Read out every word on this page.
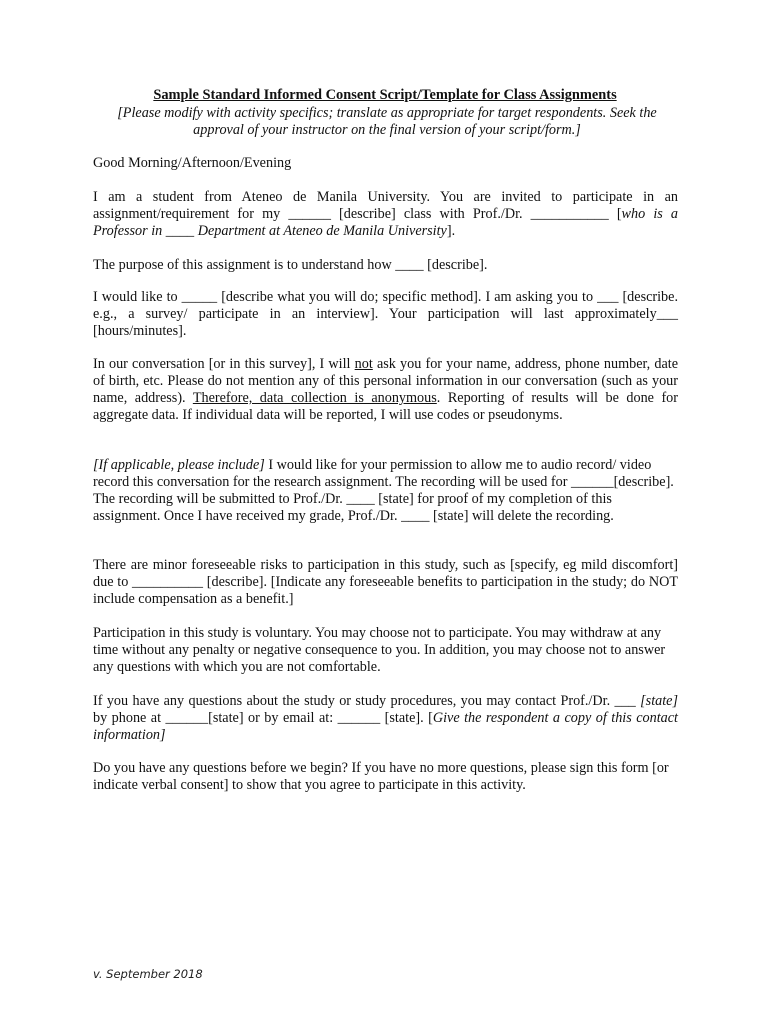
Sample Standard Informed Consent Script/Template for Class Assignments
[Please modify with activity specifics; translate as appropriate for target respondents. Seek the approval of your instructor on the final version of your script/form.]
Good Morning/Afternoon/Evening
I am a student from Ateneo de Manila University. You are invited to participate in an assignment/requirement for my ______ [describe] class with Prof./Dr. ___________ [who is a Professor in ____ Department at Ateneo de Manila University].
The purpose of this assignment is to understand how ____ [describe].
I would like to _____ [describe what you will do; specific method]. I am asking you to ___ [describe. e.g., a survey/ participate in an interview]. Your participation will last approximately___ [hours/minutes].
In our conversation [or in this survey], I will not ask you for your name, address, phone number, date of birth, etc. Please do not mention any of this personal information in our conversation (such as your name, address). Therefore, data collection is anonymous. Reporting of results will be done for aggregate data. If individual data will be reported, I will use codes or pseudonyms.
[If applicable, please include] I would like for your permission to allow me to audio record/ video record this conversation for the research assignment. The recording will be used for ______[describe]. The recording will be submitted to Prof./Dr. ____ [state] for proof of my completion of this assignment. Once I have received my grade, Prof./Dr. ____ [state] will delete the recording.
There are minor foreseeable risks to participation in this study, such as [specify, eg mild discomfort] due to __________ [describe]. [Indicate any foreseeable benefits to participation in the study; do NOT include compensation as a benefit.]
Participation in this study is voluntary. You may choose not to participate. You may withdraw at any time without any penalty or negative consequence to you. In addition, you may choose not to answer any questions with which you are not comfortable.
If you have any questions about the study or study procedures, you may contact Prof./Dr. ___ [state] by phone at ______[state] or by email at: ______ [state]. [Give the respondent a copy of this contact information]
Do you have any questions before we begin? If you have no more questions, please sign this form [or indicate verbal consent] to show that you agree to participate in this activity.
v. September 2018
